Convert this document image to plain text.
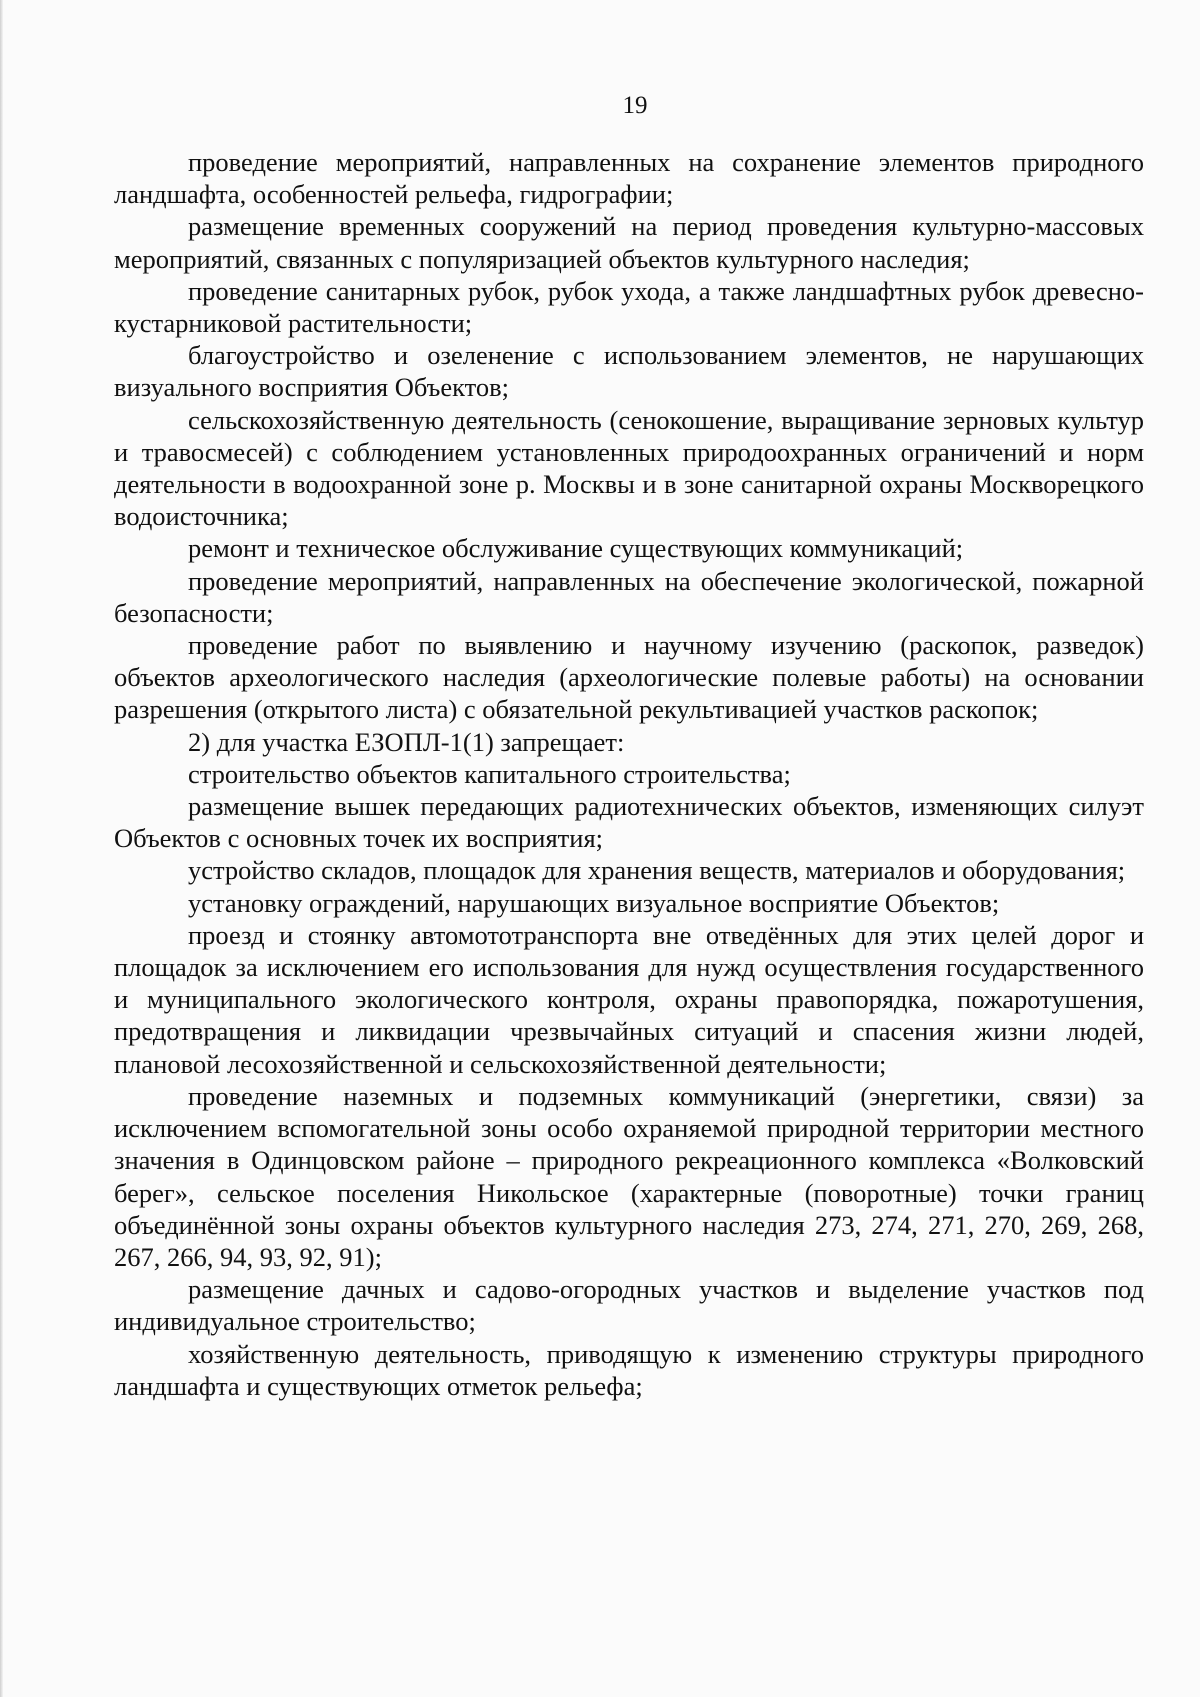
19

проведение мероприятий, направленных на сохранение элементов природного ландшафта, особенностей рельефа, гидрографии;

размещение временных сооружений на период проведения культурно-массовых мероприятий, связанных с популяризацией объектов культурного наследия;

проведение санитарных рубок, рубок ухода, а также ландшафтных рубок древесно-кустарниковой растительности;

благоустройство и озеленение с использованием элементов, не нарушающих визуального восприятия Объектов;

сельскохозяйственную деятельность (сенокошение, выращивание зерновых культур и травосмесей) с соблюдением установленных природоохранных ограничений и норм деятельности в водоохранной зоне р. Москвы и в зоне санитарной охраны Москворецкого водоисточника;

ремонт и техническое обслуживание существующих коммуникаций;

проведение мероприятий, направленных на обеспечение экологической, пожарной безопасности;

проведение работ по выявлению и научному изучению (раскопок, разведок) объектов археологического наследия (археологические полевые работы) на основании разрешения (открытого листа) с обязательной рекультивацией участков раскопок;

2) для участка ЕЗОПЛ-1(1) запрещает:

строительство объектов капитального строительства;

размещение вышек передающих радиотехнических объектов, изменяющих силуэт Объектов с основных точек их восприятия;

устройство складов, площадок для хранения веществ, материалов и оборудования;

установку ограждений, нарушающих визуальное восприятие Объектов;

проезд и стоянку автомототранспорта вне отведённых для этих целей дорог и площадок за исключением его использования для нужд осуществления государственного и муниципального экологического контроля, охраны правопорядка, пожаротушения, предотвращения и ликвидации чрезвычайных ситуаций и спасения жизни людей, плановой лесохозяйственной и сельскохозяйственной деятельности;

проведение наземных и подземных коммуникаций (энергетики, связи) за исключением вспомогательной зоны особо охраняемой природной территории местного значения в Одинцовском районе – природного рекреационного комплекса «Волковский берег», сельское поселения Никольское (характерные (поворотные) точки границ объединённой зоны охраны объектов культурного наследия 273, 274, 271, 270, 269, 268, 267, 266, 94, 93, 92, 91);

размещение дачных и садово-огородных участков и выделение участков под индивидуальное строительство;

хозяйственную деятельность, приводящую к изменению структуры природного ландшафта и существующих отметок рельефа;
